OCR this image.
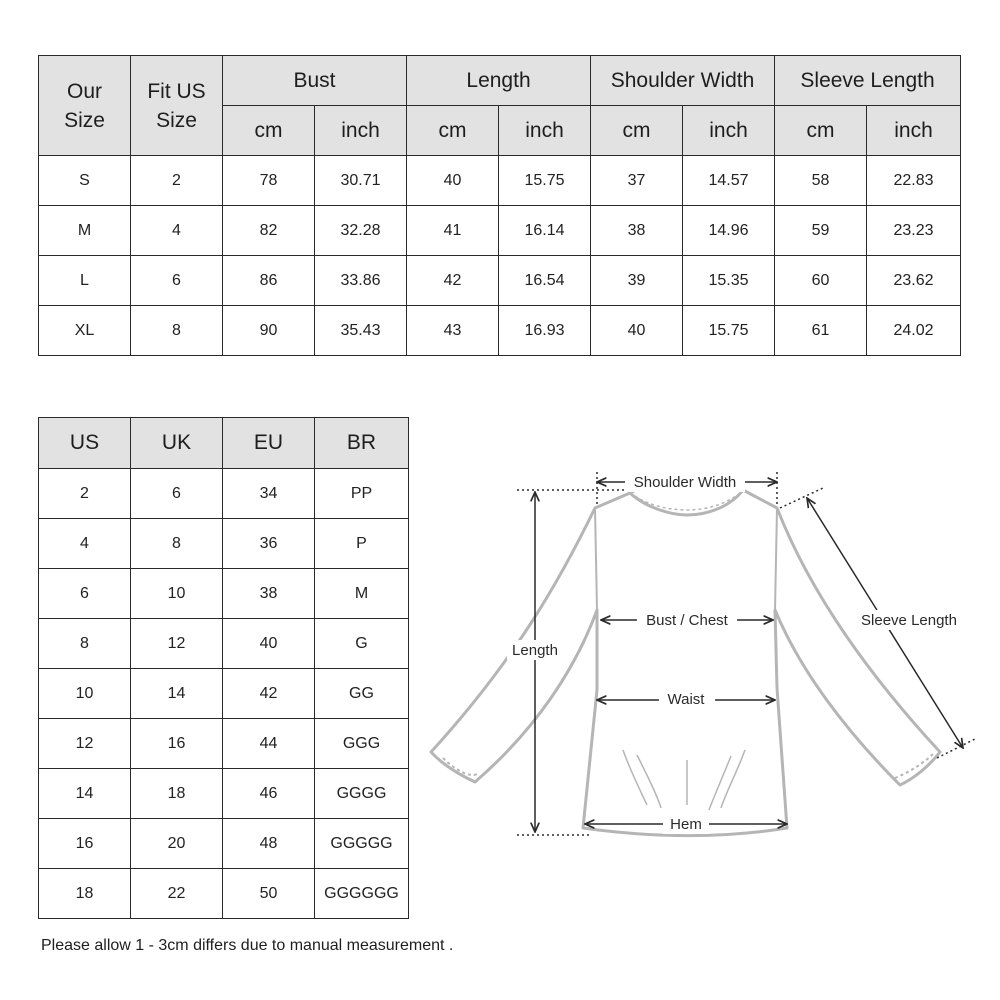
Our Size	Fit US Size	Bust		Length		Shoulder Width		Sleeve Length	
		cm	inch	cm	inch	cm	inch	cm	inch
S	2	78	30.71	40	15.75	37	14.57	58	22.83
M	4	82	32.28	41	16.14	38	14.96	59	23.23
L	6	86	33.86	42	16.54	39	15.35	60	23.62
XL	8	90	35.43	43	16.93	40	15.75	61	24.02
US	UK	EU	BR
2	6	34	PP
4	8	36	P
6	10	38	M
8	12	40	G
10	14	42	GG
12	16	44	GGG
14	18	46	GGGG
16	20	48	GGGGG
18	22	50	GGGGGG
Shoulder Width
Bust / Chest
Waist
Hem
Length
Sleeve Length
Please allow 1 - 3cm differs due to manual measurement .
